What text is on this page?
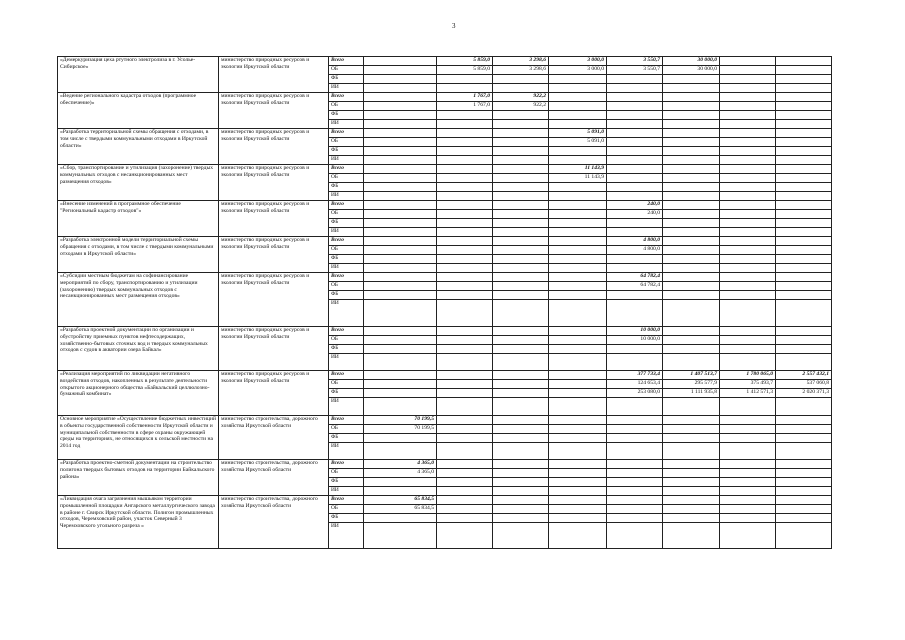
3
«Демеркуризация цеха ртутного электролиза в г. Усолье-Сибирское»	министерство природных ресурсов и экологии Иркутской области	Всего		5 859,0	3 298,6	3 000,0	3 550,7	30 000,0		
		ОБ		5 859,0	3 298,6	3 000,0	3 550,7	30 000,0		
		ФБ								
		ИИ								
«Ведение регионального кадастра отходов (программное обеспечение)»	министерство природных ресурсов и экологии Иркутской области	Всего		1 767,0	922,2					
		ОБ		1 767,0	922,2					
		ФБ								
		ИИ								
«Разработка территориальной схемы обращения с отходами, в том числе с твердыми коммунальными отходами в Иркутской области»	министерство природных ресурсов и экологии Иркутской области	Всего				5 091,0				
		ОБ				5 091,0				
		ФБ								
		ИИ								
«Сбор, транспортирование и утилизация (захоронение) твердых коммунальных отходов с несанкционированных мест размещения отходов»	министерство природных ресурсов и экологии Иркутской области	Всего				11 143,9				
		ОБ				11 143,9				
		ФБ								
		ИИ								
«Внесение изменений в программное обеспечение "Региональный кадастр отходов"»	министерство природных ресурсов и экологии Иркутской области	Всего					240,0			
		ОБ					240,0			
		ФБ								
		ИИ								
«Разработка электронной модели территориальной схемы обращения с отходами, в том числе с твердыми коммунальными отходами в Иркутской области»	министерство природных ресурсов и экологии Иркутской области	Всего					4 800,0			
		ОБ					4 800,0			
		ФБ								
		ИИ								
«Субсидии местным бюджетам на софинансирование мероприятий по сбору, транспортированию и утилизации (захоронению) твердых коммунальных отходов с несанкционированных мест размещения отходов»	министерство природных ресурсов и экологии Иркутской области	Всего					64 782,4			
		ОБ					64 782,4			
		ФБ								
		ИИ								
«Разработка проектной документации по организации и обустройству приемных пунктов нефтесодержащих, хозяйственно-бытовых сточных вод и твердых коммунальных отходов с судов в акватории озера Байкал»	министерство природных ресурсов и экологии Иркутской области	Всего					10 000,0			
		ОБ					10 000,0			
		ФБ								
		ИИ								
«Реализация мероприятий по ликвидации негативного воздействия отходов, накопленных в результате деятельности открытого акционерного общества «Байкальский целлюлозно-бумажный комбинат»	министерство природных ресурсов и экологии Иркутской области	Всего					377 733,4	1 407 513,7	1 780 065,0	2 557 432,1
		ОБ					124 653,4	295 577,9	375 493,7	537 060,8
		ФБ					253 080,0	1 111 935,8	1 412 571,3	2 020 371,3
		ИИ								
Основное мероприятие «Осуществление бюджетных инвестиций в объекты государственной собственности Иркутской области и муниципальной собственности в сфере охраны окружающей среды на территориях, не относящихся к сельской местности на 2014 год	министерство строительства, дорожного хозяйства Иркутской области	Всего	70 199,5							
		ОБ	70 199,5							
		ФБ								
		ИИ								
«Разработка проектно-сметной документации на строительство полигона твердых бытовых отходов на территории Байкальского района»	министерство строительства, дорожного хозяйства Иркутской области	Всего	4 365,0							
		ОБ	4 365,0							
		ФБ								
		ИИ								
«Ликвидация очага загрязнения мышьяком территории промышленной площадки Ангарского металлургического завода в районе г. Свирск Иркутской области. Полигон промышленных отходов, Черемховский район, участок Северный 3 Черемховского угольного разреза »	министерство строительства, дорожного хозяйства Иркутской области	Всего	65 834,5							
		ОБ	65 834,5							
		ФБ								
		ИИ								
